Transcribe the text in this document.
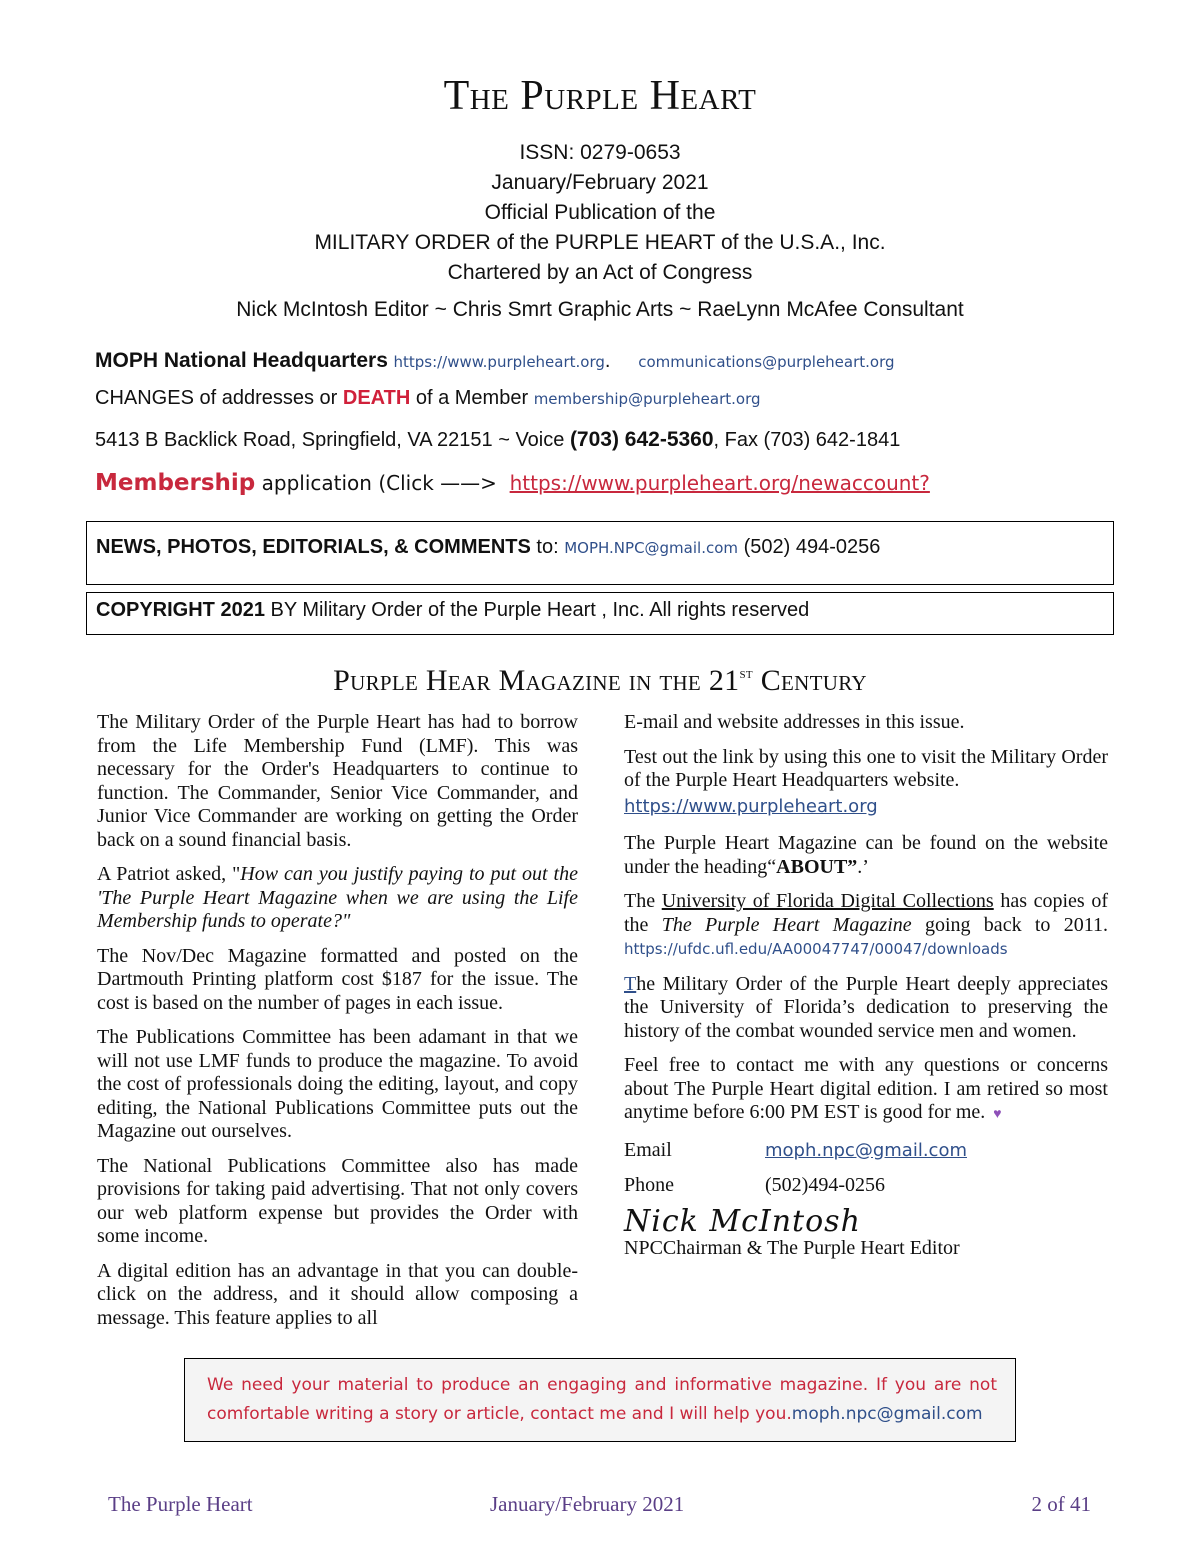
The Purple Heart
ISSN: 0279-0653
January/February 2021
Official Publication of the
MILITARY ORDER of the PURPLE HEART of the U.S.A., Inc.
Chartered by an Act of Congress
Nick McIntosh Editor ~ Chris Smrt Graphic Arts ~ RaeLynn McAfee Consultant
MOPH National Headquarters https://www.purpleheart.org. communications@purpleheart.org
CHANGES of addresses or DEATH of a Member membership@purpleheart.org
5413 B Backlick Road, Springfield, VA 22151 ~ Voice (703) 642-5360, Fax (703) 642-1841
Membership application (Click ——> https://www.purpleheart.org/newaccount?
NEWS, PHOTOS, EDITORIALS, & COMMENTS to: MOPH.NPC@gmail.com (502) 494-0256
COPYRIGHT 2021 BY Military Order of the Purple Heart , Inc. All rights reserved
Purple Hear Magazine in the 21st Century

The Military Order of the Purple Heart has had to borrow from the Life Membership Fund (LMF). This was necessary for the Order's Headquarters to continue to function. The Commander, Senior Vice Commander, and Junior Vice Commander are working on getting the Order back on a sound financial basis.

A Patriot asked, "How can you justify paying to put out the 'The Purple Heart Magazine when we are using the Life Membership funds to operate?"

The Nov/Dec Magazine formatted and posted on the Dartmouth Printing platform cost $187 for the issue. The cost is based on the number of pages in each issue.

The Publications Committee has been adamant in that we will not use LMF funds to produce the magazine. To avoid the cost of professionals doing the editing, layout, and copy editing, the National Publications Committee puts out the Magazine out ourselves.

The National Publications Committee also has made provisions for taking paid advertising. That not only covers our web platform expense but provides the Order with some income.

A digital edition has an advantage in that you can double-click on the address, and it should allow composing a message. This feature applies to all

E-mail and website addresses in this issue.

Test out the link by using this one to visit the Military Order of the Purple Heart Headquarters website.

https://www.purpleheart.org

The Purple Heart Magazine can be found on the website under the heading“ABOUT”.’

The University of Florida Digital Collections has copies of the The Purple Heart Magazine going back to 2011. https://ufdc.ufl.edu/AA00047747/00047/downloads

The Military Order of the Purple Heart deeply appreciates the University of Florida’s dedication to preserving the history of the combat wounded service men and women.

Feel free to contact me with any questions or concerns about The Purple Heart digital edition. I am retired so most anytime before 6:00 PM EST is good for me. ♥

Email	moph.npc@gmail.com
Phone	(502)494-0256
Nick McIntosh
NPCChairman & The Purple Heart Editor
We need your material to produce an engaging and informative magazine. If you are not comfortable writing a story or article, contact me and I will help you.moph.npc@gmail.com
The Purple Heart	January/February 2021	2 of 41
